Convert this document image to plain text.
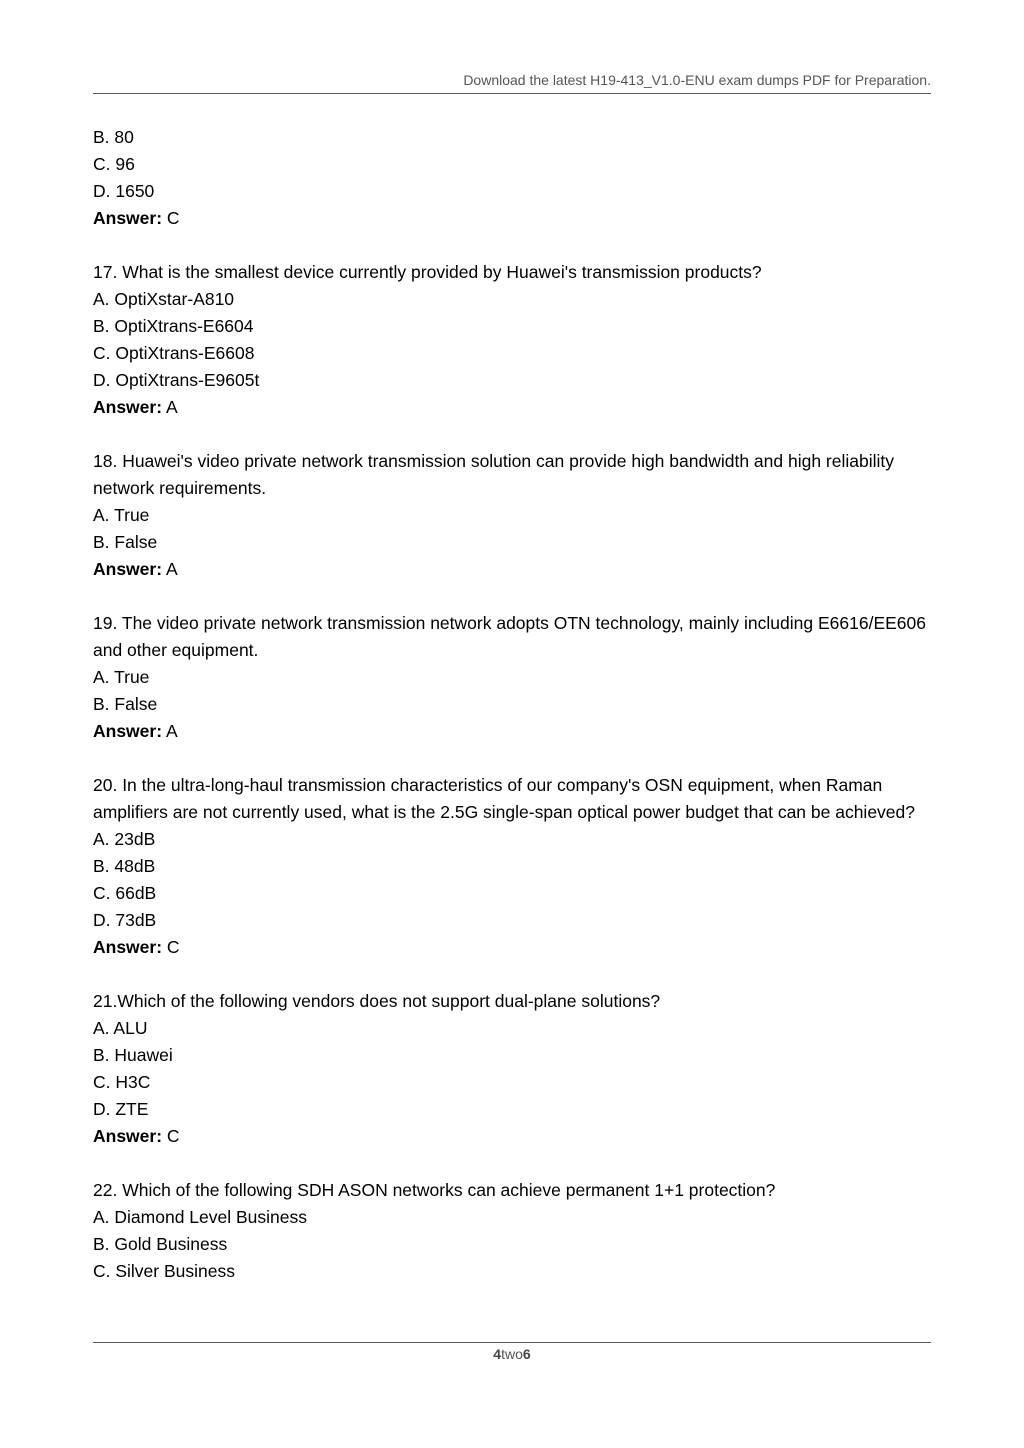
Download the latest H19-413_V1.0-ENU exam dumps PDF for Preparation.
B. 80
C. 96
D. 1650
Answer: C
17. What is the smallest device currently provided by Huawei's transmission products?
A. OptiXstar-A810
B. OptiXtrans-E6604
C. OptiXtrans-E6608
D. OptiXtrans-E9605t
Answer: A
18. Huawei's video private network transmission solution can provide high bandwidth and high reliability network requirements.
A. True
B. False
Answer: A
19. The video private network transmission network adopts OTN technology, mainly including E6616/EE606 and other equipment.
A. True
B. False
Answer: A
20. In the ultra-long-haul transmission characteristics of our company's OSN equipment, when Raman amplifiers are not currently used, what is the 2.5G single-span optical power budget that can be achieved?
A. 23dB
B. 48dB
C. 66dB
D. 73dB
Answer: C
21.Which of the following vendors does not support dual-plane solutions?
A. ALU
B. Huawei
C. H3C
D. ZTE
Answer: C
22. Which of the following SDH ASON networks can achieve permanent 1+1 protection?
A. Diamond Level Business
B. Gold Business
C. Silver Business
4two6
